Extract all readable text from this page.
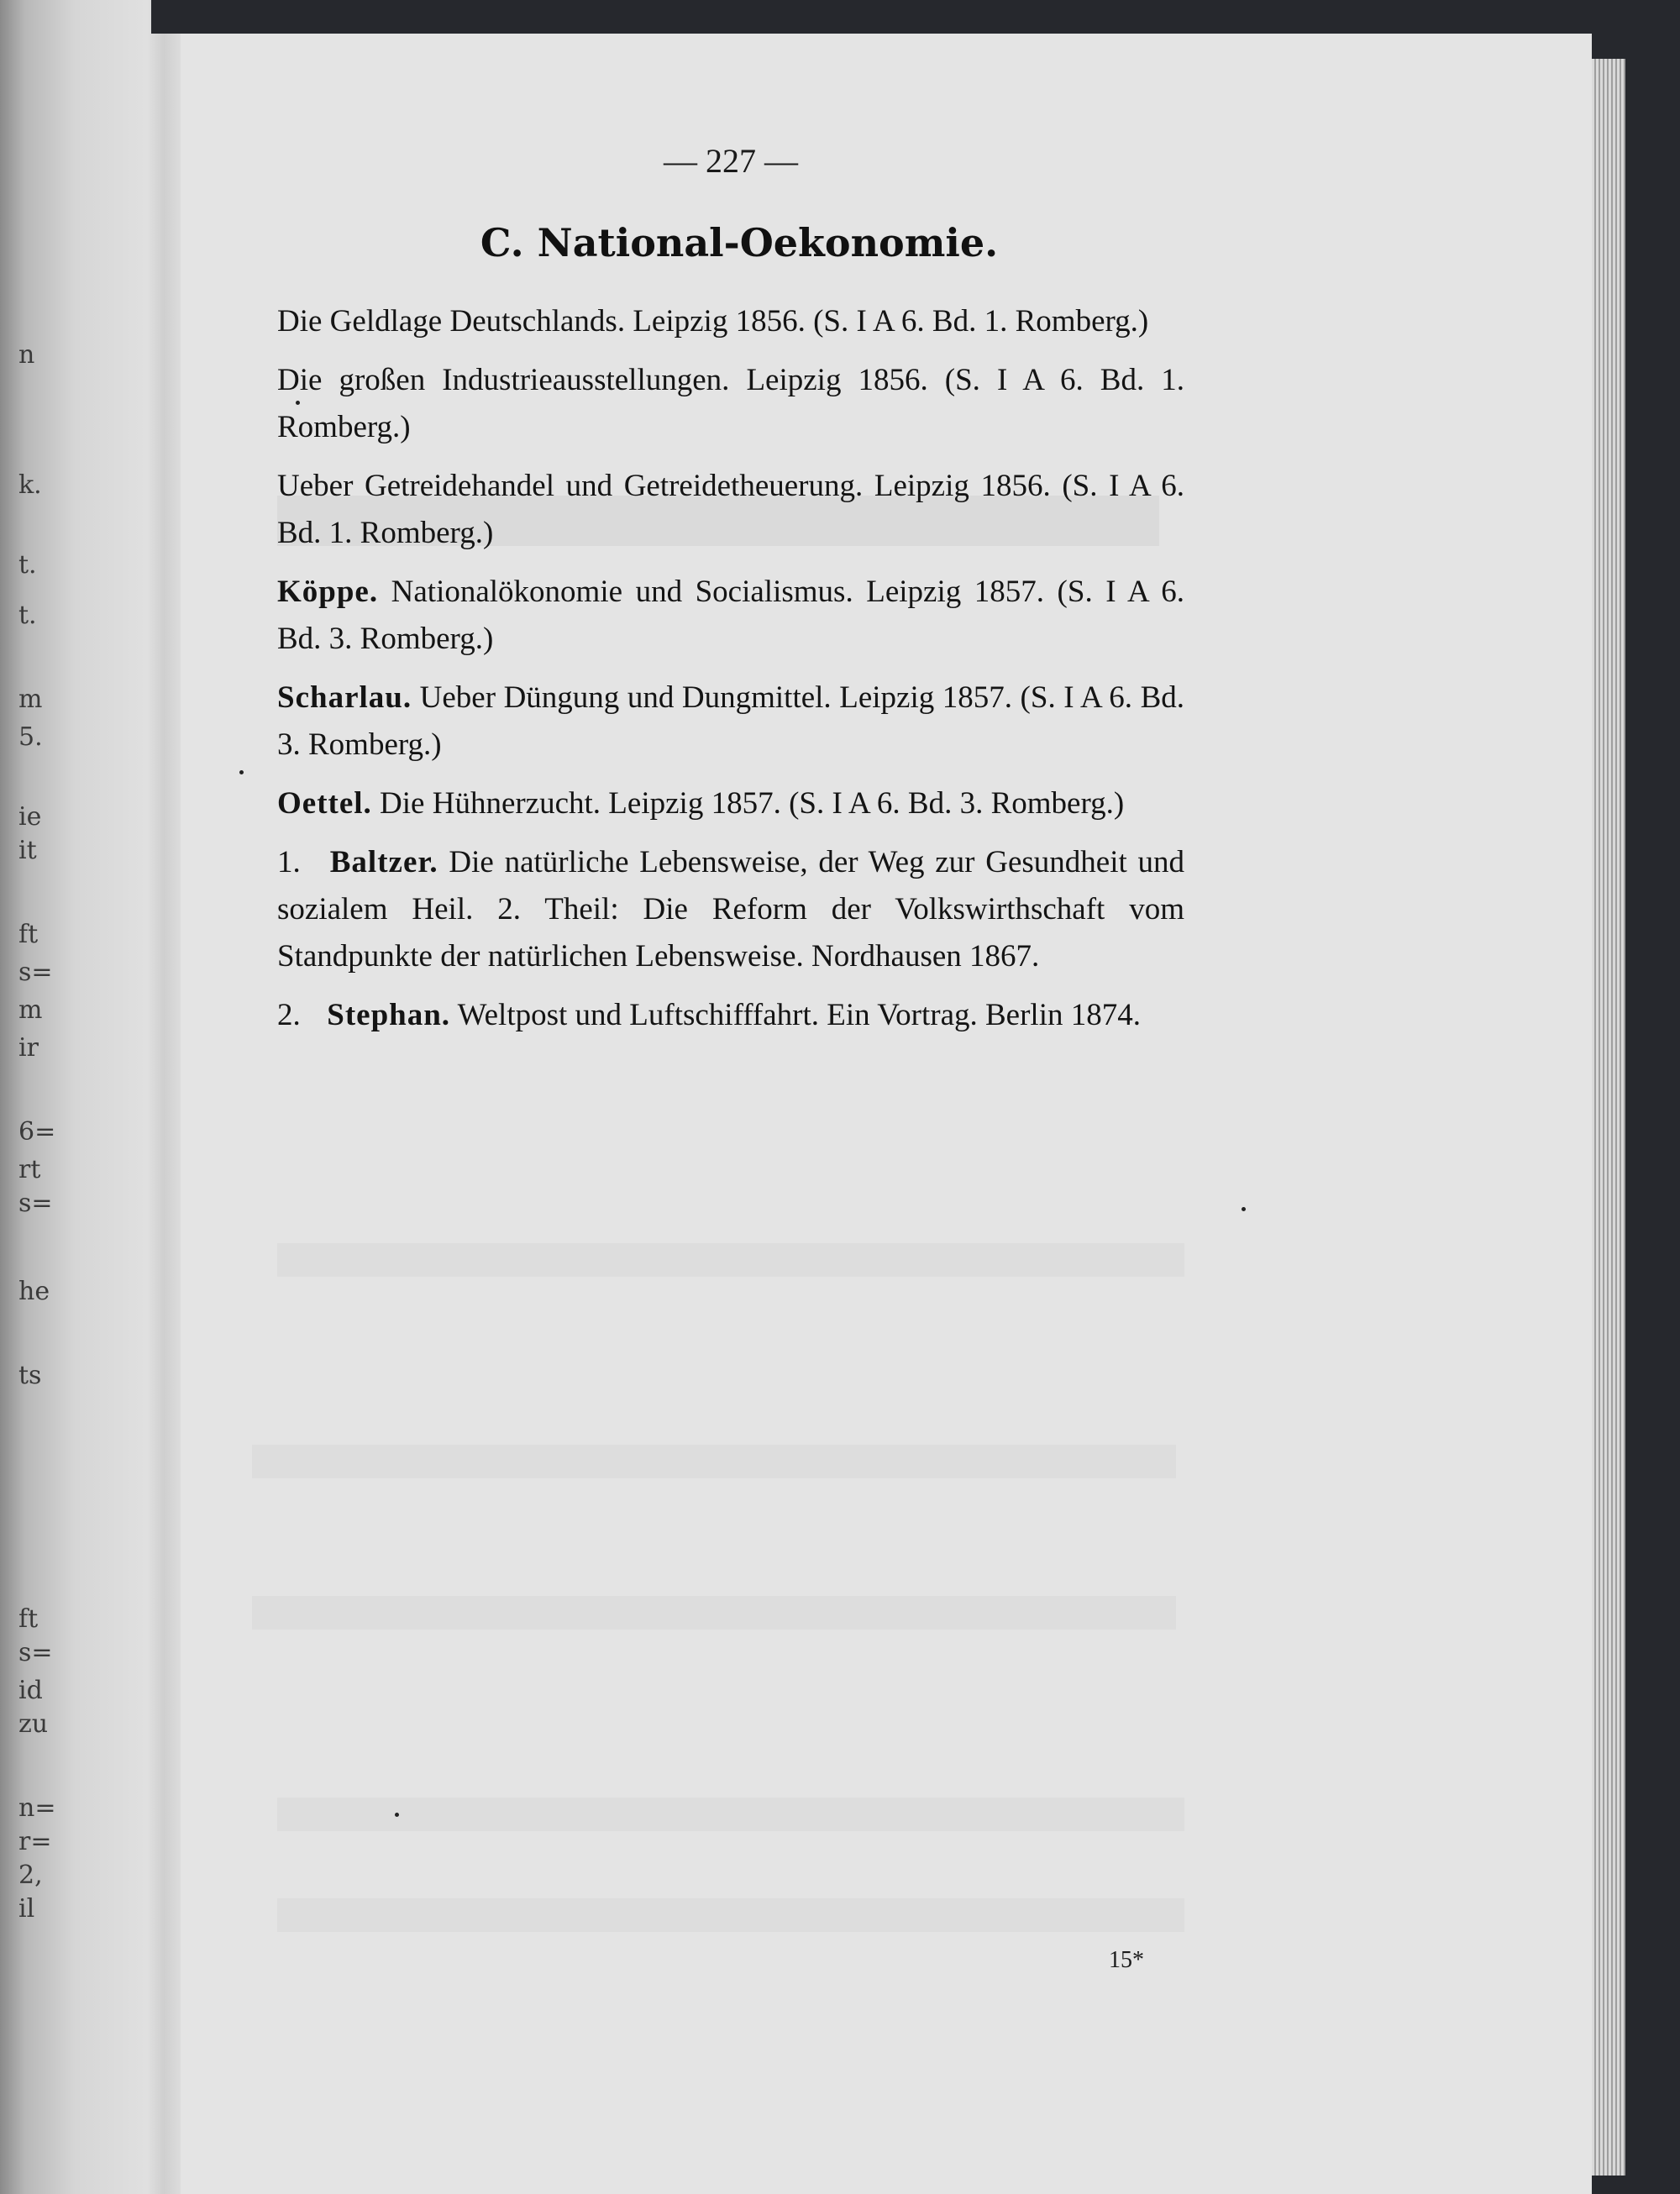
n
k.
t.
t.
m
5.
ie
it
ft
s=
m
ir
6=
rt
s=
he
ts
ft
s=
id
zu
n=
r=
2,
il
— 227 —
C. National-Oekonomie.
Die Geldlage Deutschlands. Leipzig 1856. (S. I A 6. Bd. 1. Romberg.)
Die großen Industrieausstellungen. Leipzig 1856. (S. I A 6. Bd. 1. Romberg.)
Ueber Getreidehandel und Getreidetheuerung. Leipzig 1856. (S. I A 6. Bd. 1. Romberg.)
Köppe. Nationalökonomie und Socialismus. Leipzig 1857. (S. I A 6. Bd. 3. Romberg.)
Scharlau. Ueber Düngung und Dungmittel. Leipzig 1857. (S. I A 6. Bd. 3. Romberg.)
Oettel. Die Hühnerzucht. Leipzig 1857. (S. I A 6. Bd. 3. Romberg.)
1. Baltzer. Die natürliche Lebensweise, der Weg zur Gesundheit und sozialem Heil. 2. Theil: Die Reform der Volkswirthschaft vom Standpunkte der natürlichen Lebensweise. Nordhausen 1867.
2. Stephan. Weltpost und Luftschifffahrt. Ein Vortrag. Berlin 1874.
15*
